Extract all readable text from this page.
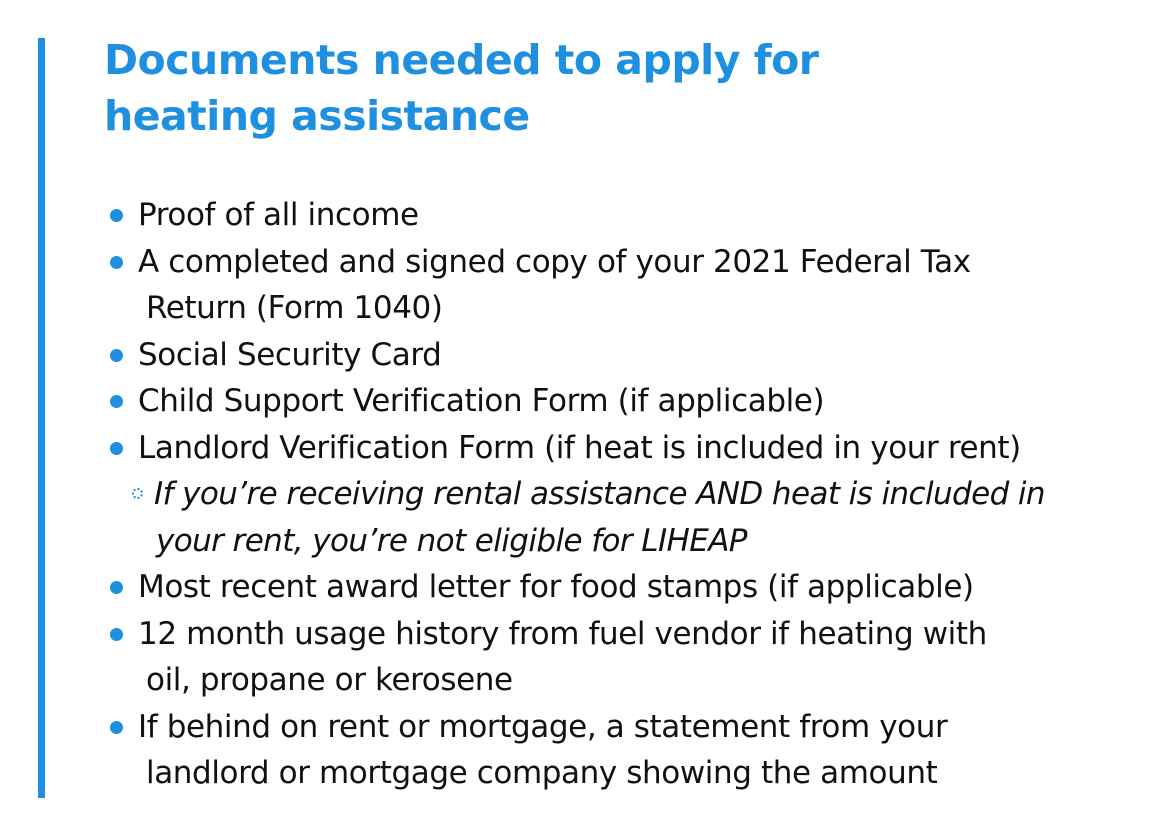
Documents needed to apply for
heating assistance
Proof of all income
A completed and signed copy of your 2021 Federal Tax
Return (Form 1040)
Social Security Card
Child Support Verification Form (if applicable)
Landlord Verification Form (if heat is included in your rent)
If you’re receiving rental assistance AND heat is included in
your rent, you’re not eligible for LIHEAP
Most recent award letter for food stamps (if applicable)
12 month usage history from fuel vendor if heating with
oil, propane or kerosene
If behind on rent or mortgage, a statement from your
landlord or mortgage company showing the amount
